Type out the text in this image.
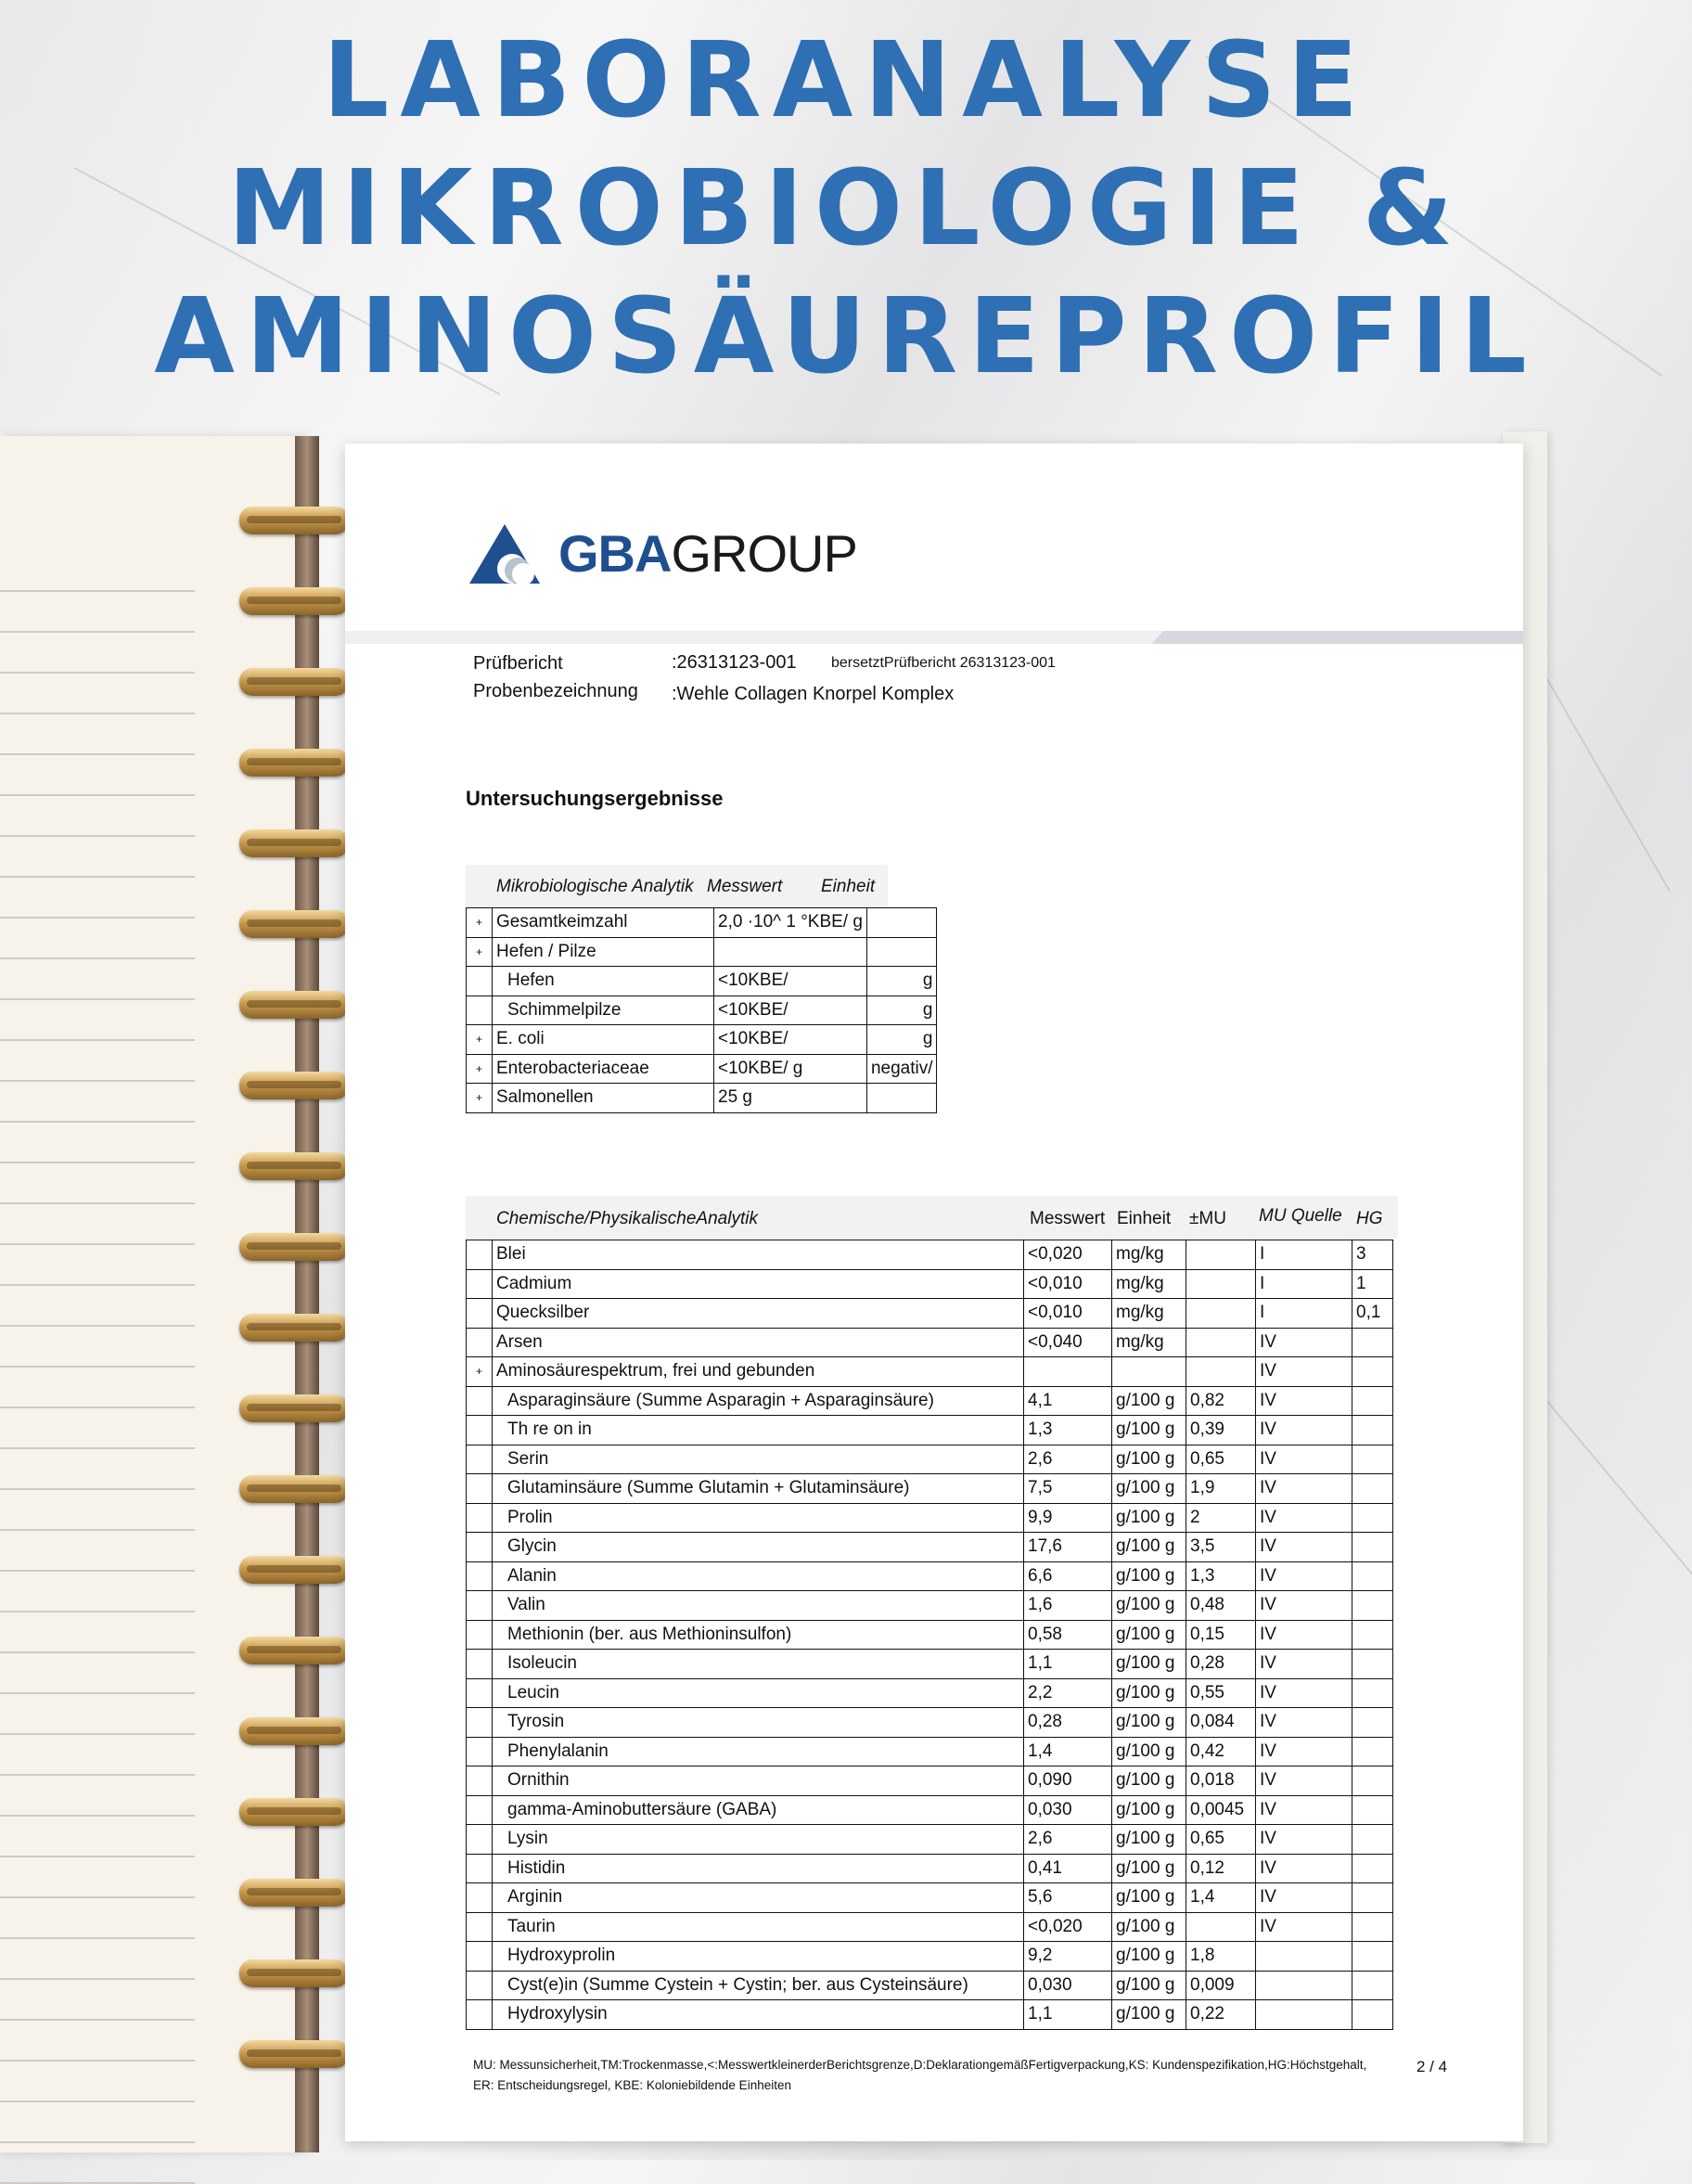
LABORANALYSE
MIKROBIOLOGIE &
AMINOSÄUREPROFIL
GBAGROUP
Prüfbericht	:26313123-001 bersetztPrüfbericht 26313123-001
Probenbezeichnung :Wehle Collagen Knorpel Komplex
Untersuchungsergebnisse
Mikrobiologische Analytik Messwert Einheit
+	Gesamtkeimzahl	2,0 ·10^ 1 °KBE/ g	
+	Hefen / Pilze		
	Hefen	<10KBE/	g
	Schimmelpilze	<10KBE/	g
+	E. coli	<10KBE/	g
+	Enterobacteriaceae	<10KBE/ g	negativ/
+	Salmonellen	25 g	
Chemische/PhysikalischeAnalytik	Messwert Einheit ±MU MU Quelle HG
	Blei	<0,020	mg/kg		I	3
	Cadmium	<0,010	mg/kg		I	1
	Quecksilber	<0,010	mg/kg		I	0,1
	Arsen	<0,040	mg/kg		IV	
+	Aminosäurespektrum, frei und gebunden				IV	
	Asparaginsäure (Summe Asparagin + Asparaginsäure)	4,1	g/100 g	0,82	IV	
	Th re on in	1,3	g/100 g	0,39	IV	
	Serin	2,6	g/100 g	0,65	IV	
	Glutaminsäure (Summe Glutamin + Glutaminsäure)	7,5	g/100 g	1,9	IV	
	Prolin	9,9	g/100 g	2	IV	
	Glycin	17,6	g/100 g	3,5	IV	
	Alanin	6,6	g/100 g	1,3	IV	
	Valin	1,6	g/100 g	0,48	IV	
	Methionin (ber. aus Methioninsulfon)	0,58	g/100 g	0,15	IV	
	Isoleucin	1,1	g/100 g	0,28	IV	
	Leucin	2,2	g/100 g	0,55	IV	
	Tyrosin	0,28	g/100 g	0,084	IV	
	Phenylalanin	1,4	g/100 g	0,42	IV	
	Ornithin	0,090	g/100 g	0,018	IV	
	gamma-Aminobuttersäure (GABA)	0,030	g/100 g	0,0045	IV	
	Lysin	2,6	g/100 g	0,65	IV	
	Histidin	0,41	g/100 g	0,12	IV	
	Arginin	5,6	g/100 g	1,4	IV	
	Taurin	<0,020	g/100 g		IV	
	Hydroxyprolin	9,2	g/100 g	1,8		
	Cyst(e)in (Summe Cystein + Cystin; ber. aus Cysteinsäure)	0,030	g/100 g	0,009		
	Hydroxylysin	1,1	g/100 g	0,22		
MU: Messunsicherheit,TM:Trockenmasse,<:MesswertkleinerderBerichtsgrenze,D:DeklarationgemäßFertigverpackung,KS: Kundenspezifikation,HG:Höchstgehalt,
ER: Entscheidungsregel, KBE: Koloniebildende Einheiten
2 / 4
